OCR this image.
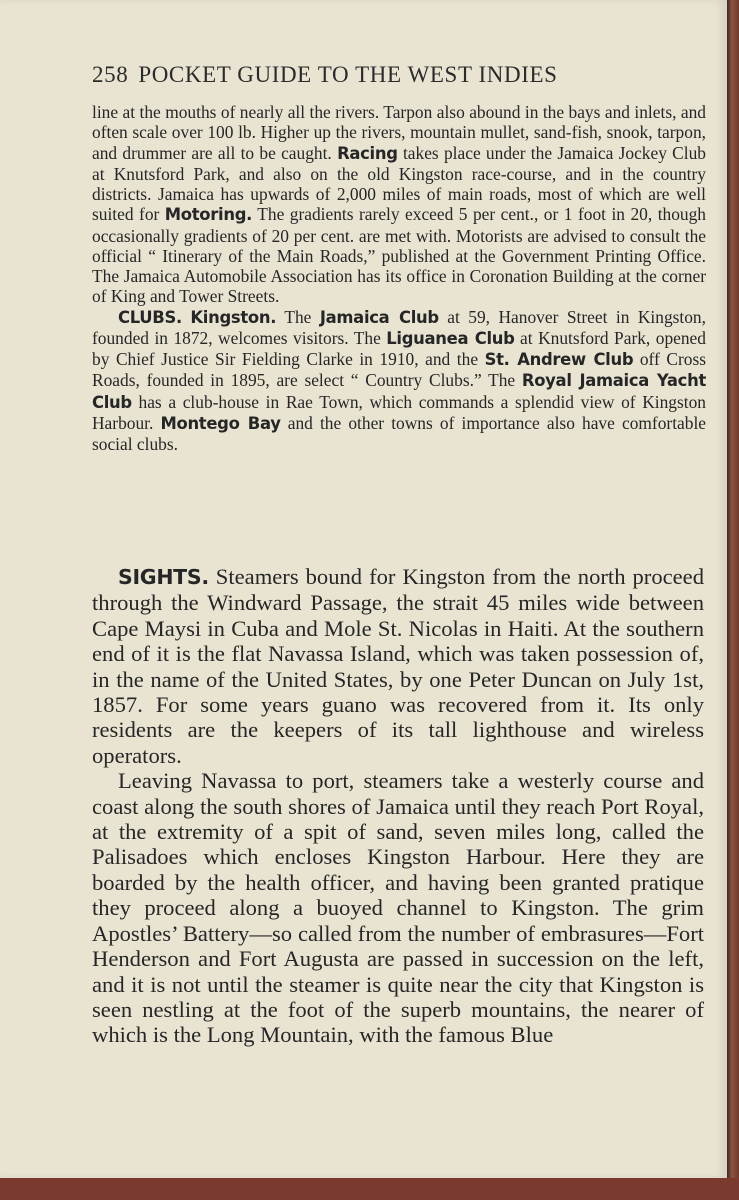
258 POCKET GUIDE TO THE WEST INDIES

line at the mouths of nearly all the rivers. Tarpon also abound in the bays and inlets, and often scale over 100 lb. Higher up the rivers, mountain mullet, sand-fish, snook, tarpon, and drummer are all to be caught. Racing takes place under the Jamaica Jockey Club at Knutsford Park, and also on the old Kingston race-course, and in the country districts. Jamaica has upwards of 2,000 miles of main roads, most of which are well suited for Motoring. The gradients rarely exceed 5 per cent., or 1 foot in 20, though occasionally gradients of 20 per cent. are met with. Motorists are advised to consult the official “ Itinerary of the Main Roads,” published at the Government Printing Office. The Jamaica Automobile Association has its office in Coronation Building at the corner of King and Tower Streets.

CLUBS. Kingston. The Jamaica Club at 59, Hanover Street in Kingston, founded in 1872, welcomes visitors. The Liguanea Club at Knutsford Park, opened by Chief Justice Sir Fielding Clarke in 1910, and the St. Andrew Club off Cross Roads, founded in 1895, are select “ Country Clubs.” The Royal Jamaica Yacht Club has a club-house in Rae Town, which commands a splendid view of Kingston Harbour. Montego Bay and the other towns of importance also have comfortable social clubs.

SIGHTS. Steamers bound for Kingston from the north proceed through the Windward Passage, the strait 45 miles wide between Cape Maysi in Cuba and Mole St. Nicolas in Haiti. At the southern end of it is the flat Navassa Island, which was taken possession of, in the name of the United States, by one Peter Duncan on July 1st, 1857. For some years guano was recovered from it. Its only residents are the keepers of its tall lighthouse and wireless operators.

Leaving Navassa to port, steamers take a westerly course and coast along the south shores of Jamaica until they reach Port Royal, at the extremity of a spit of sand, seven miles long, called the Palisadoes which encloses Kingston Harbour. Here they are boarded by the health officer, and having been granted pratique they proceed along a buoyed channel to Kingston. The grim Apostles’ Battery—so called from the number of embrasures—Fort Henderson and Fort Augusta are passed in succession on the left, and it is not until the steamer is quite near the city that Kingston is seen nestling at the foot of the superb mountains, the nearer of which is the Long Mountain, with the famous Blue
